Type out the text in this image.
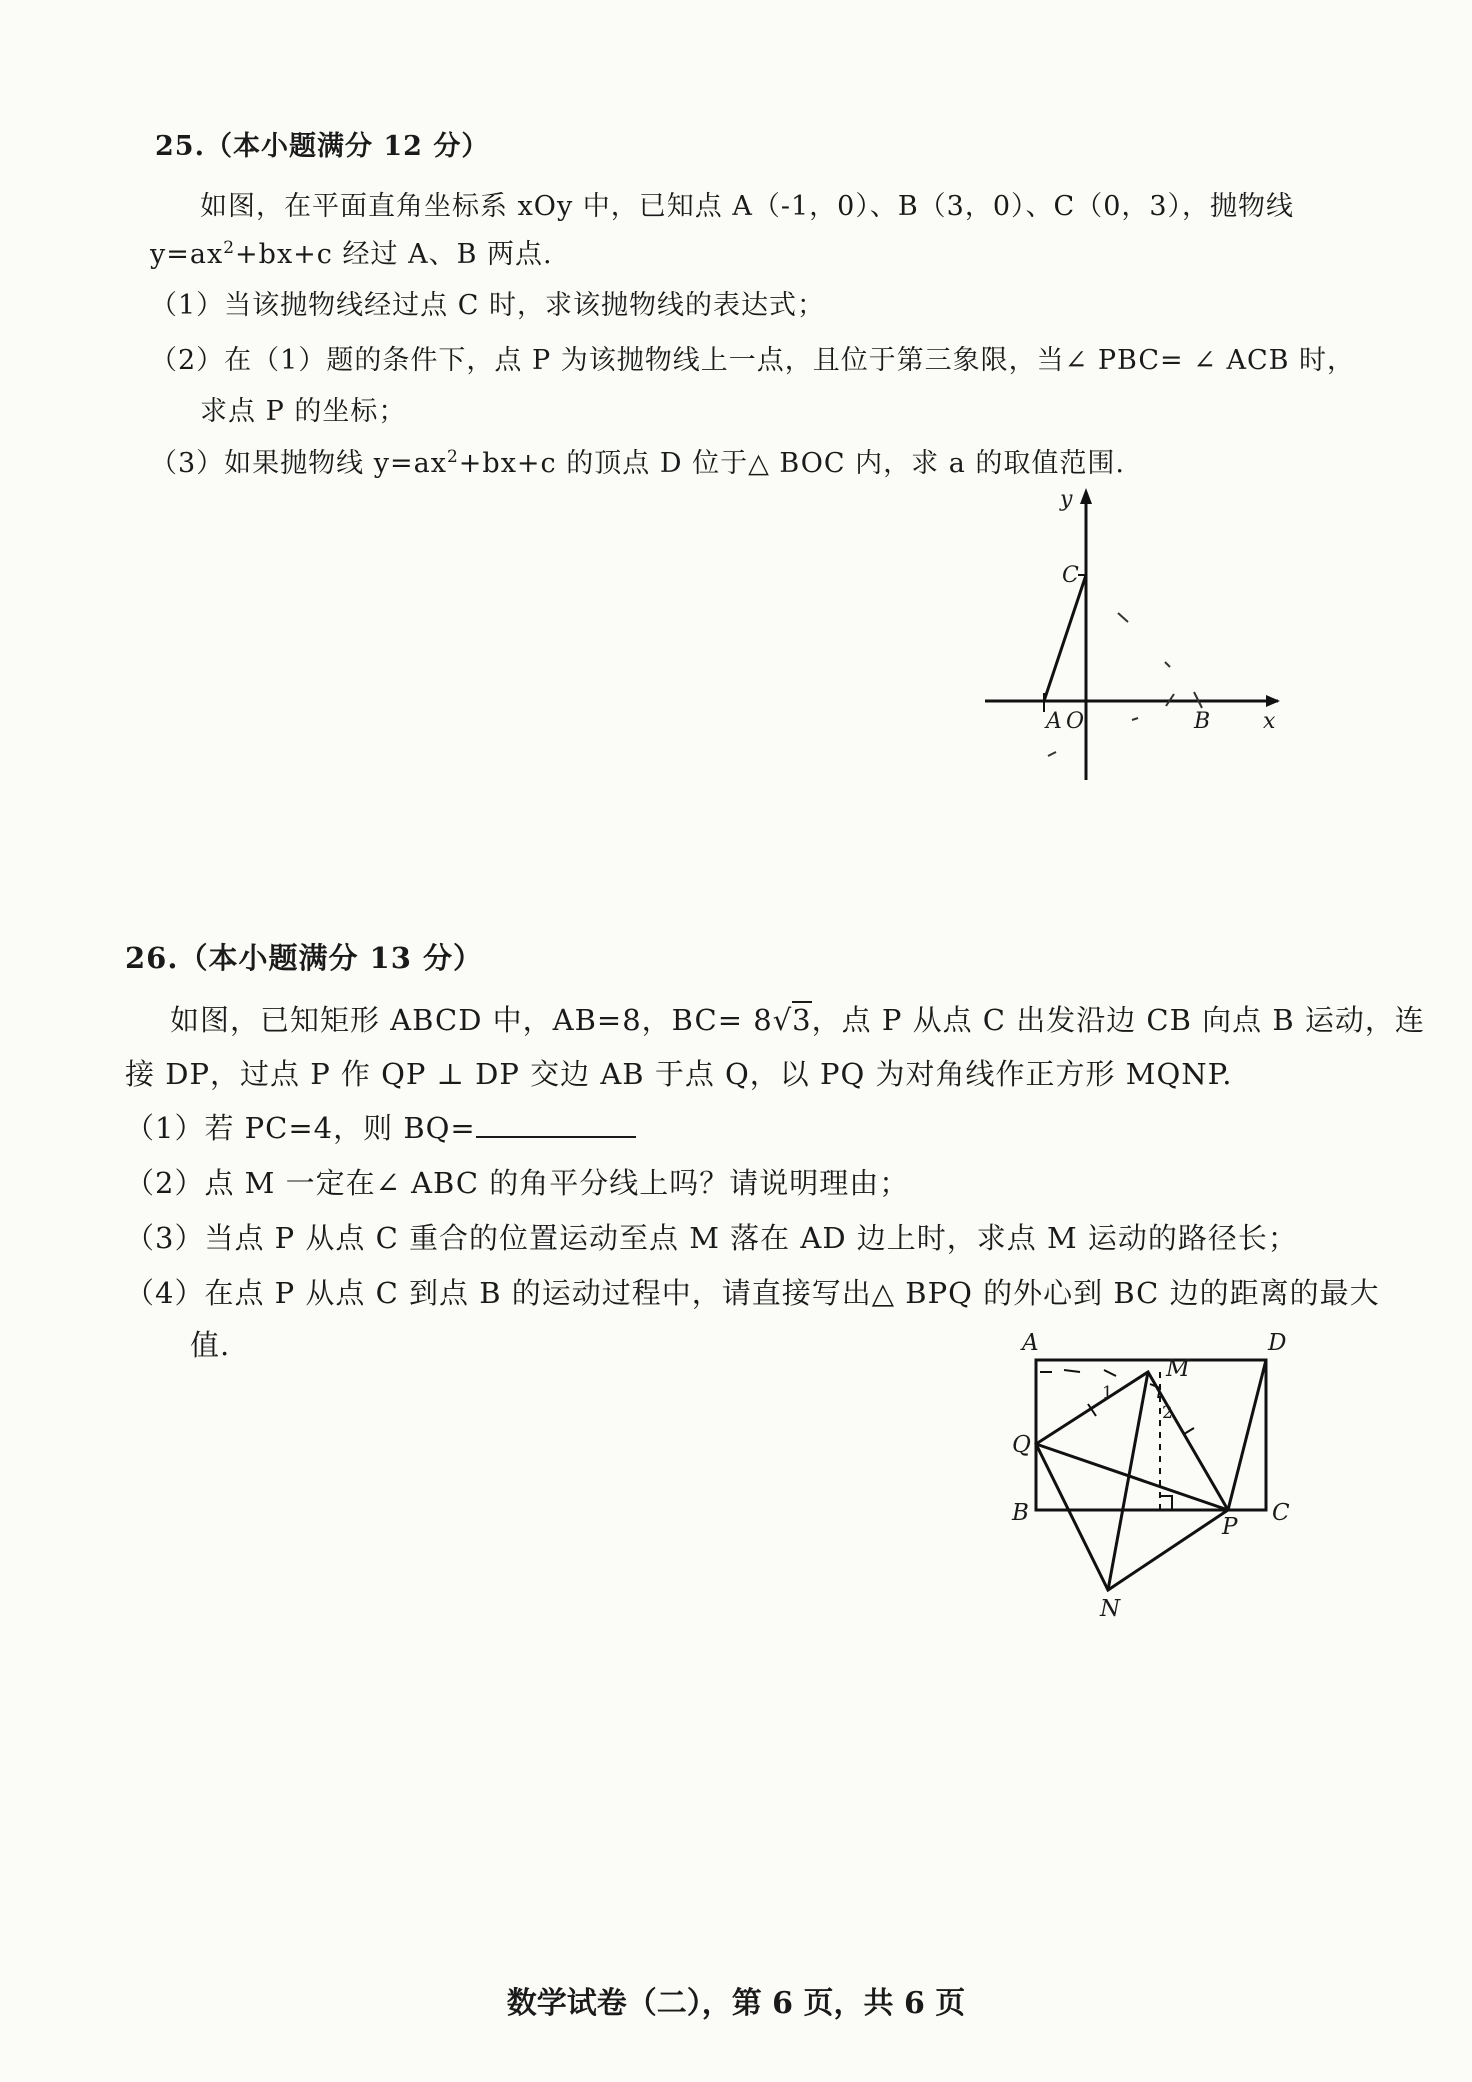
25.（本小题满分 12 分）
如图，在平面直角坐标系 xOy 中，已知点 A（-1，0）、B（3，0）、C（0，3），抛物线
$y=ax^2+bx+c$ 经过 A、B 两点.
（1）当该抛物线经过点 C 时，求该抛物线的表达式；
（2）在（1）题的条件下，点 P 为该抛物线上一点，且位于第三象限，当∠ PBC= ∠ ACB 时，
求点 P 的坐标；
（3）如果抛物线 $y=ax^2+bx+c$ 的顶点 D 位于△ BOC 内，求 a 的取值范围.
y
x
C
A O	B
26.（本小题满分 13 分）
如图，已知矩形 ABCD 中，AB=8，BC= 8√3，点 P 从点 C 出发沿边 CB 向点 B 运动，连
接 DP，过点 P 作 QP ⊥ DP 交边 AB 于点 Q，以 PQ 为对角线作正方形 MQNP.
（1）若 PC=4，则 BQ=
（2）点 M 一定在∠ ABC 的角平分线上吗？请说明理由；
（3）当点 P 从点 C 重合的位置运动至点 M 落在 AD 边上时，求点 M 运动的路径长；
（4）在点 P 从点 C 到点 B 的运动过程中，请直接写出△ BPQ 的外心到 BC 边的距离的最大
值.	A	D
M
Q
B
P
C
N
1
2
数学试卷（二），第 6 页，共 6 页
